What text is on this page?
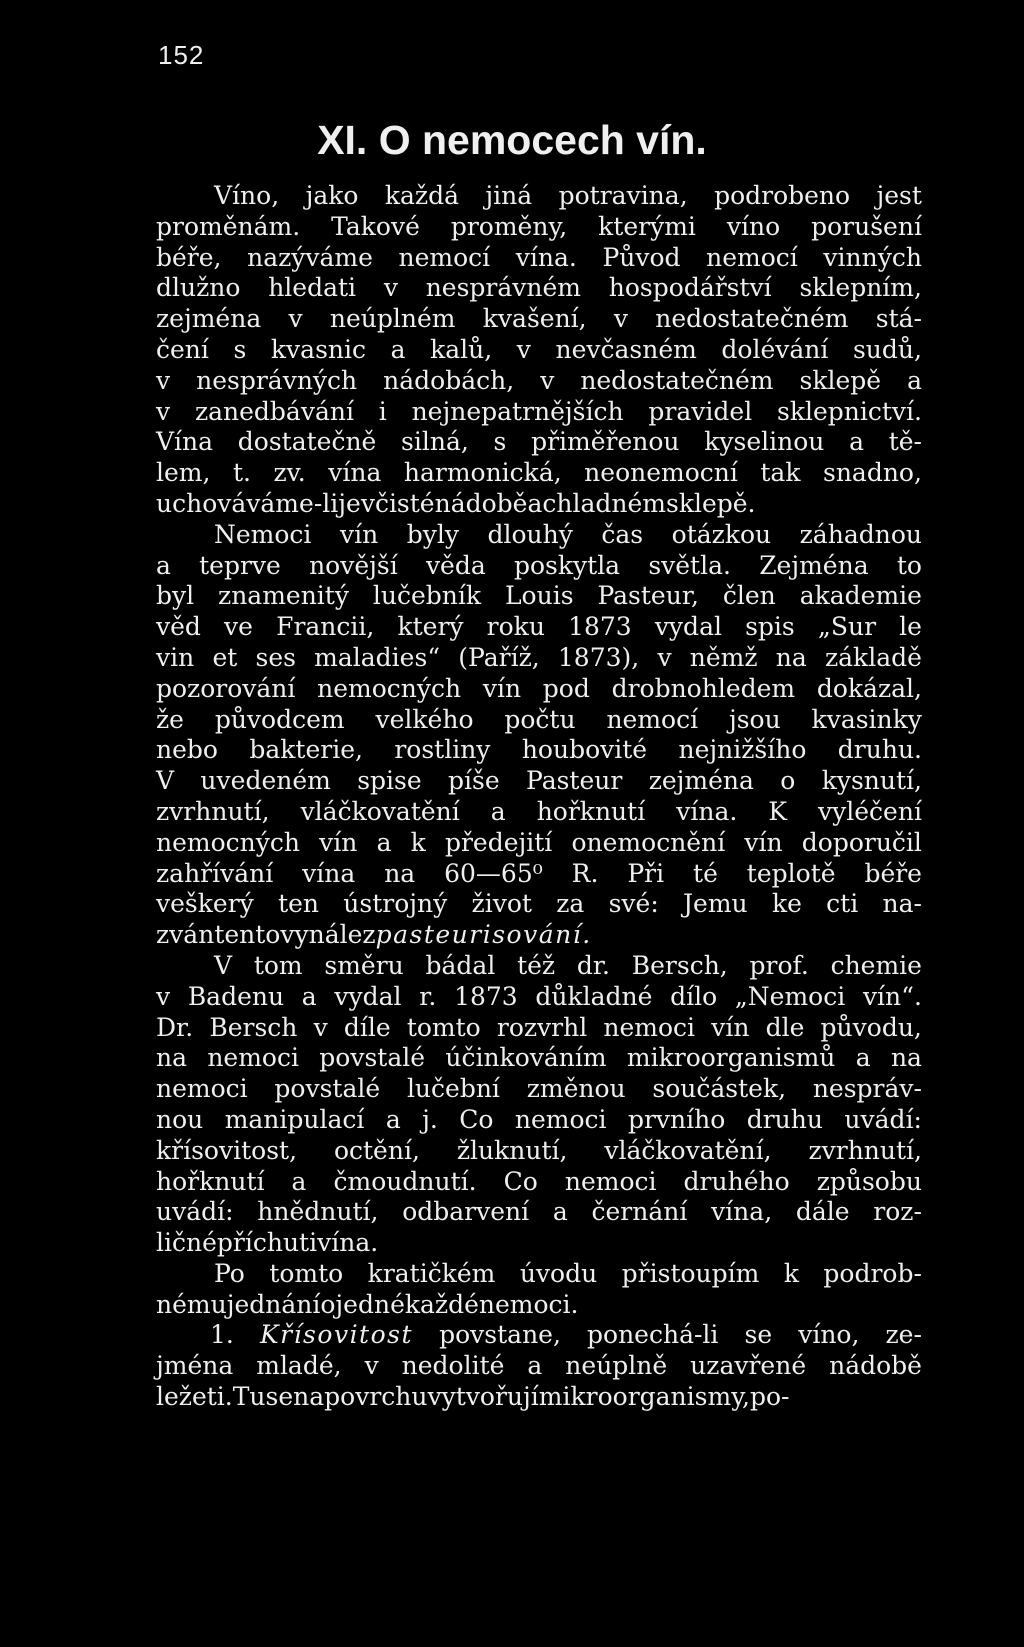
152
XI. O nemocech vín.
Víno, jako každá jiná potravina, podrobeno jest
proměnám. Takové proměny, kterými víno porušení
béře, nazýváme nemocí vína. Původ nemocí vinných
dlužno hledati v nesprávném hospodářství sklepním,
zejména v neúplném kvašení, v nedostatečném stá-
čení s kvasnic a kalů, v nevčasném dolévání sudů,
v nesprávných nádobách, v nedostatečném sklepě a
v zanedbávání i nejnepatrnějších pravidel sklepnictví.
Vína dostatečně silná, s přiměřenou kyselinou a tě-
lem, t. zv. vína harmonická, neonemocní tak snadno,
uchováváme-li je v čisté nádobě a chladném sklepě.
Nemoci vín byly dlouhý čas otázkou záhadnou
a teprve novější věda poskytla světla. Zejména to
byl znamenitý lučebník Louis Pasteur, člen akademie
věd ve Francii, který roku 1873 vydal spis „Sur le
vin et ses maladies“ (Paříž, 1873), v němž na základě
pozorování nemocných vín pod drobnohledem dokázal,
že původcem velkého počtu nemocí jsou kvasinky
nebo bakterie, rostliny houbovité nejnižšího druhu.
V uvedeném spise píše Pasteur zejména o kysnutí,
zvrhnutí, vláčkovatění a hořknutí vína. K vyléčení
nemocných vín a k předejití onemocnění vín doporučil
zahřívání vína na 60—65⁰ R. Při té teplotě béře
veškerý ten ústrojný život za své: Jemu ke cti na-
zván tento vynález pasteurisování.
V tom směru bádal též dr. Bersch, prof. chemie
v Badenu a vydal r. 1873 důkladné dílo „Nemoci vín“.
Dr. Bersch v díle tomto rozvrhl nemoci vín dle původu,
na nemoci povstalé účinkováním mikroorganismů a na
nemoci povstalé lučební změnou součástek, nespráv-
nou manipulací a j. Co nemoci prvního druhu uvádí:
křísovitost, octění, žluknutí, vláčkovatění, zvrhnutí,
hořknutí a čmoudnutí. Co nemoci druhého způsobu
uvádí: hnědnutí, odbarvení a černání vína, dále roz-
ličné příchuti vína.
Po tomto kratičkém úvodu přistoupím k podrob-
nému jednání o jedné každé nemoci.
1. Křísovitost povstane, ponechá-li se víno, ze-
jména mladé, v nedolité a neúplně uzavřené nádobě
ležeti. Tu se na povrchu vytvořují mikroorganismy, po-
